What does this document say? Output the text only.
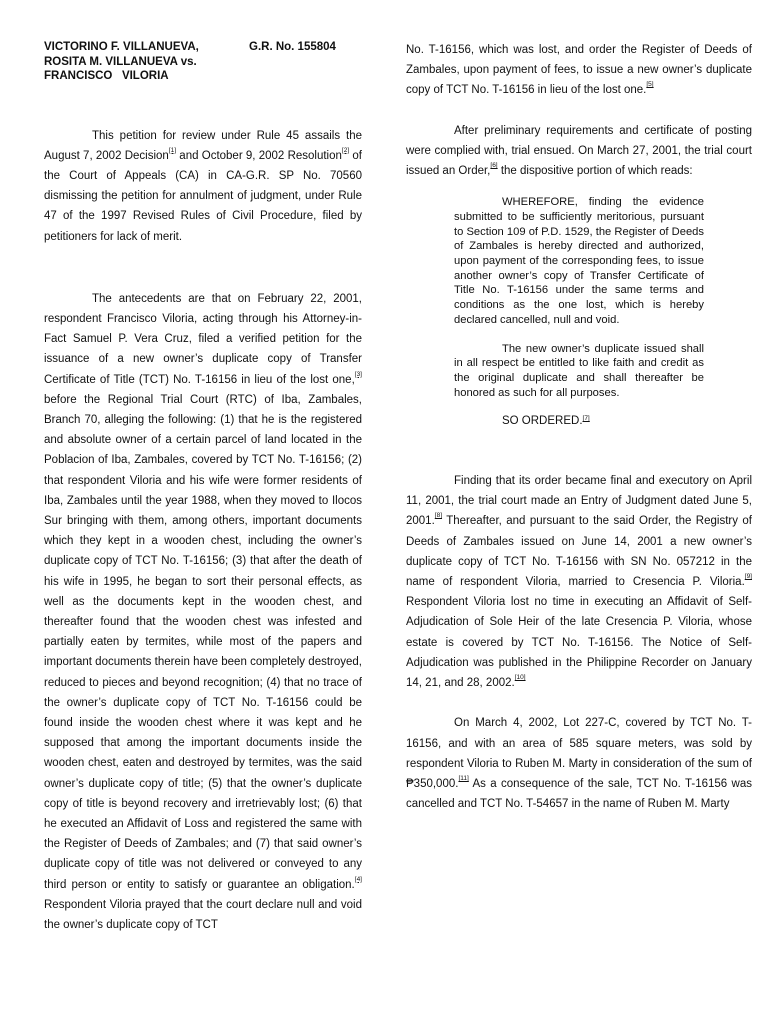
VICTORINO F. VILLANUEVA,	G.R. No. 155804
ROSITA M. VILLANUEVA vs.
FRANCISCO   VILORIA

This petition for review under Rule 45 assails the August 7, 2002 Decision[1] and October 9, 2002 Resolution[2] of the Court of Appeals (CA) in CA-G.R. SP No. 70560 dismissing the petition for annulment of judgment, under Rule 47 of the 1997 Revised Rules of Civil Procedure, filed by petitioners for lack of merit.

The antecedents are that on February 22, 2001, respondent Francisco Viloria, acting through his Attorney-in-Fact Samuel P. Vera Cruz, filed a verified petition for the issuance of a new owner’s duplicate copy of Transfer Certificate of Title (TCT) No. T-16156 in lieu of the lost one,[3] before the Regional Trial Court (RTC) of Iba, Zambales, Branch 70, alleging the following: (1) that he is the registered and absolute owner of a certain parcel of land located in the Poblacion of Iba, Zambales, covered by TCT No. T-16156; (2) that respondent Viloria and his wife were former residents of Iba, Zambales until the year 1988, when they moved to Ilocos Sur bringing with them, among others, important documents which they kept in a wooden chest, including the owner’s duplicate copy of TCT No. T-16156; (3) that after the death of his wife in 1995, he began to sort their personal effects, as well as the documents kept in the wooden chest, and thereafter found that the wooden chest was infested and partially eaten by termites, while most of the papers and important documents therein have been completely destroyed, reduced to pieces and beyond recognition; (4) that no trace of the owner’s duplicate copy of TCT No. T-16156 could be found inside the wooden chest where it was kept and he supposed that among the important documents inside the wooden chest, eaten and destroyed by termites, was the said owner’s duplicate copy of title; (5) that the owner’s duplicate copy of title is beyond recovery and irretrievably lost; (6) that he executed an Affidavit of Loss and registered the same with the Register of Deeds of Zambales; and (7) that said owner’s duplicate copy of title was not delivered or conveyed to any third person or entity to satisfy or guarantee an obligation.[4] Respondent Viloria prayed that the court declare null and void the owner’s duplicate copy of TCT

No. T-16156, which was lost, and order the Register of Deeds of Zambales, upon payment of fees, to issue a new owner’s duplicate copy of TCT No. T-16156 in lieu of the lost one.[5]

After preliminary requirements and certificate of posting were complied with, trial ensued. On March 27, 2001, the trial court issued an Order,[6] the dispositive portion of which reads:

WHEREFORE, finding the evidence submitted to be sufficiently meritorious, pursuant to Section 109 of P.D. 1529, the Register of Deeds of Zambales is hereby directed and authorized, upon payment of the corresponding fees, to issue another owner’s copy of Transfer Certificate of Title No. T-16156 under the same terms and conditions as the one lost, which is hereby declared cancelled, null and void.

The new owner’s duplicate issued shall in all respect be entitled to like faith and credit as the original duplicate and shall thereafter be honored as such for all purposes.

SO ORDERED.[7]

Finding that its order became final and executory on April 11, 2001, the trial court made an Entry of Judgment dated June 5, 2001.[8] Thereafter, and pursuant to the said Order, the Registry of Deeds of Zambales issued on June 14, 2001 a new owner’s duplicate copy of TCT No. T-16156 with SN No. 057212 in the name of respondent Viloria, married to Cresencia P. Viloria.[9] Respondent Viloria lost no time in executing an Affidavit of Self-Adjudication of Sole Heir of the late Cresencia P. Viloria, whose estate is covered by TCT No. T-16156. The Notice of Self-Adjudication was published in the Philippine Recorder on January 14, 21, and 28, 2002.[10]

On March 4, 2002, Lot 227-C, covered by TCT No. T-16156, and with an area of 585 square meters, was sold by respondent Viloria to Ruben M. Marty in consideration of the sum of ₱350,000.[11] As a consequence of the sale, TCT No. T-16156 was cancelled and TCT No. T-54657 in the name of Ruben M. Marty
